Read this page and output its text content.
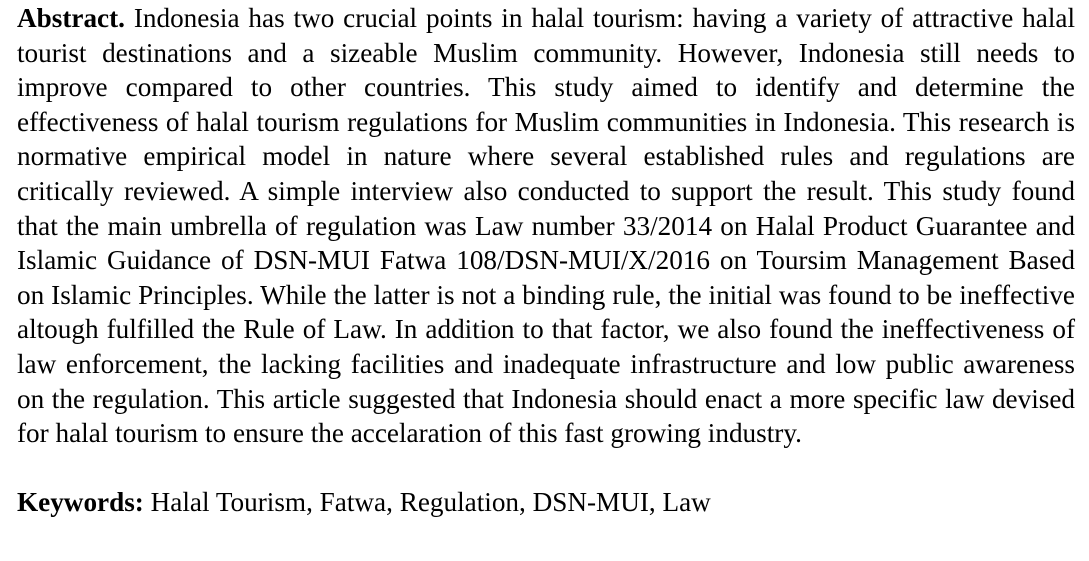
Abstract. Indonesia has two crucial points in halal tourism: having a variety of attractive halal tourist destinations and a sizeable Muslim community. However, Indonesia still needs to improve compared to other countries. This study aimed to identify and determine the effectiveness of halal tourism regulations for Muslim communities in Indonesia. This research is normative empirical model in nature where several established rules and regulations are critically reviewed. A simple interview also conducted to support the result. This study found that the main umbrella of regulation was Law number 33/2014 on Halal Product Guarantee and Islamic Guidance of DSN-MUI Fatwa 108/DSN-MUI/X/2016 on Toursim Management Based on Islamic Principles. While the latter is not a binding rule, the initial was found to be ineffective altough fulfilled the Rule of Law. In addition to that factor, we also found the ineffectiveness of law enforcement, the lacking facilities and inadequate infrastructure and low public awareness on the regulation. This article suggested that Indonesia should enact a more specific law devised for halal tourism to ensure the accelaration of this fast growing industry.

Keywords: Halal Tourism, Fatwa, Regulation, DSN-MUI, Law
